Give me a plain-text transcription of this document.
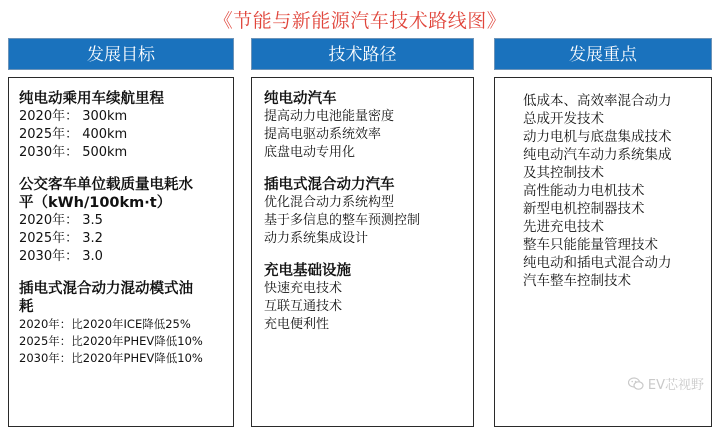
《节能与新能源汽车技术路线图》
发展目标
纯电动乘用车续航里程
2020年： 300km
2025年： 400km
2030年： 500km
公交客车单位载质量电耗水
平（kWh/100km·t）
2020年： 3.5
2025年： 3.2
2030年： 3.0
插电式混合动力混动模式油
耗
2020年：比2020年ICE降低25%
2025年：比2020年PHEV降低10%
2030年：比2020年PHEV降低10%
技术路径
纯电动汽车
提高动力电池能量密度
提高电驱动系统效率
底盘电动专用化
插电式混合动力汽车
优化混合动力系统构型
基于多信息的整车预测控制
动力系统集成设计
充电基础设施
快速充电技术
互联互通技术
充电便利性
发展重点
低成本、高效率混合动力
总成开发技术
动力电机与底盘集成技术
纯电动汽车动力系统集成
及其控制技术
高性能动力电机技术
新型电机控制器技术
先进充电技术
整车只能能量管理技术
纯电动和插电式混合动力
汽车整车控制技术
EV芯视野
